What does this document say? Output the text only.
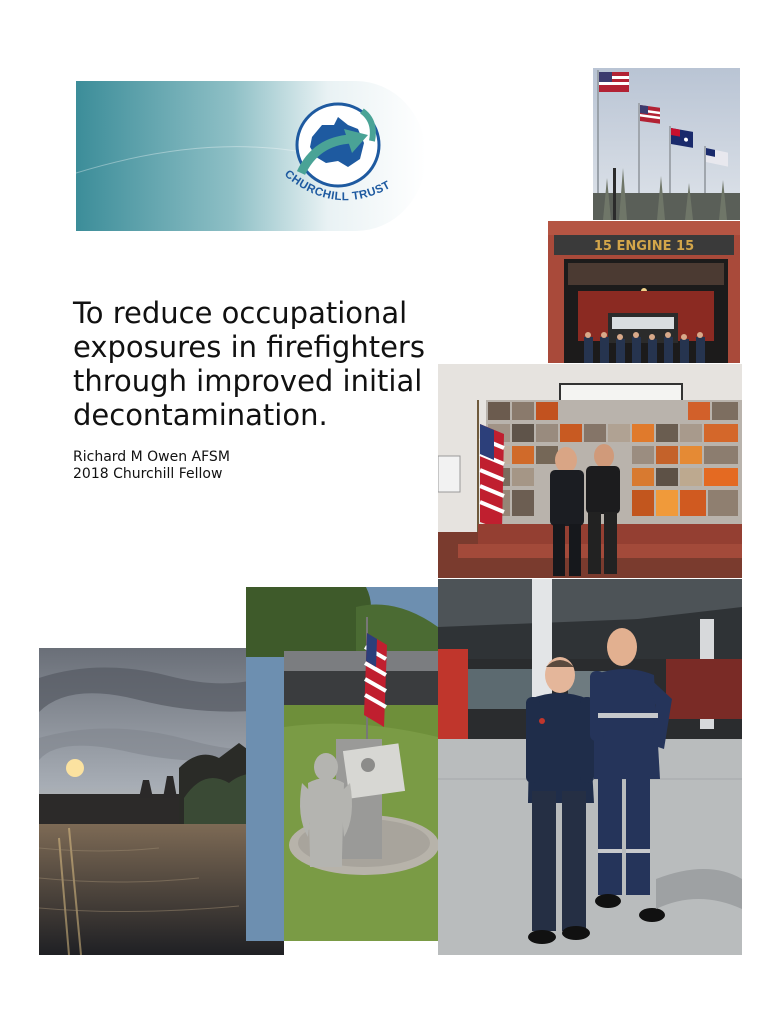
CHURCHILL TRUST
To reduce occupational exposures in firefighters through improved initial decontamination.
Richard M Owen AFSM
2018 Churchill Fellow
15 ENGINE 15
